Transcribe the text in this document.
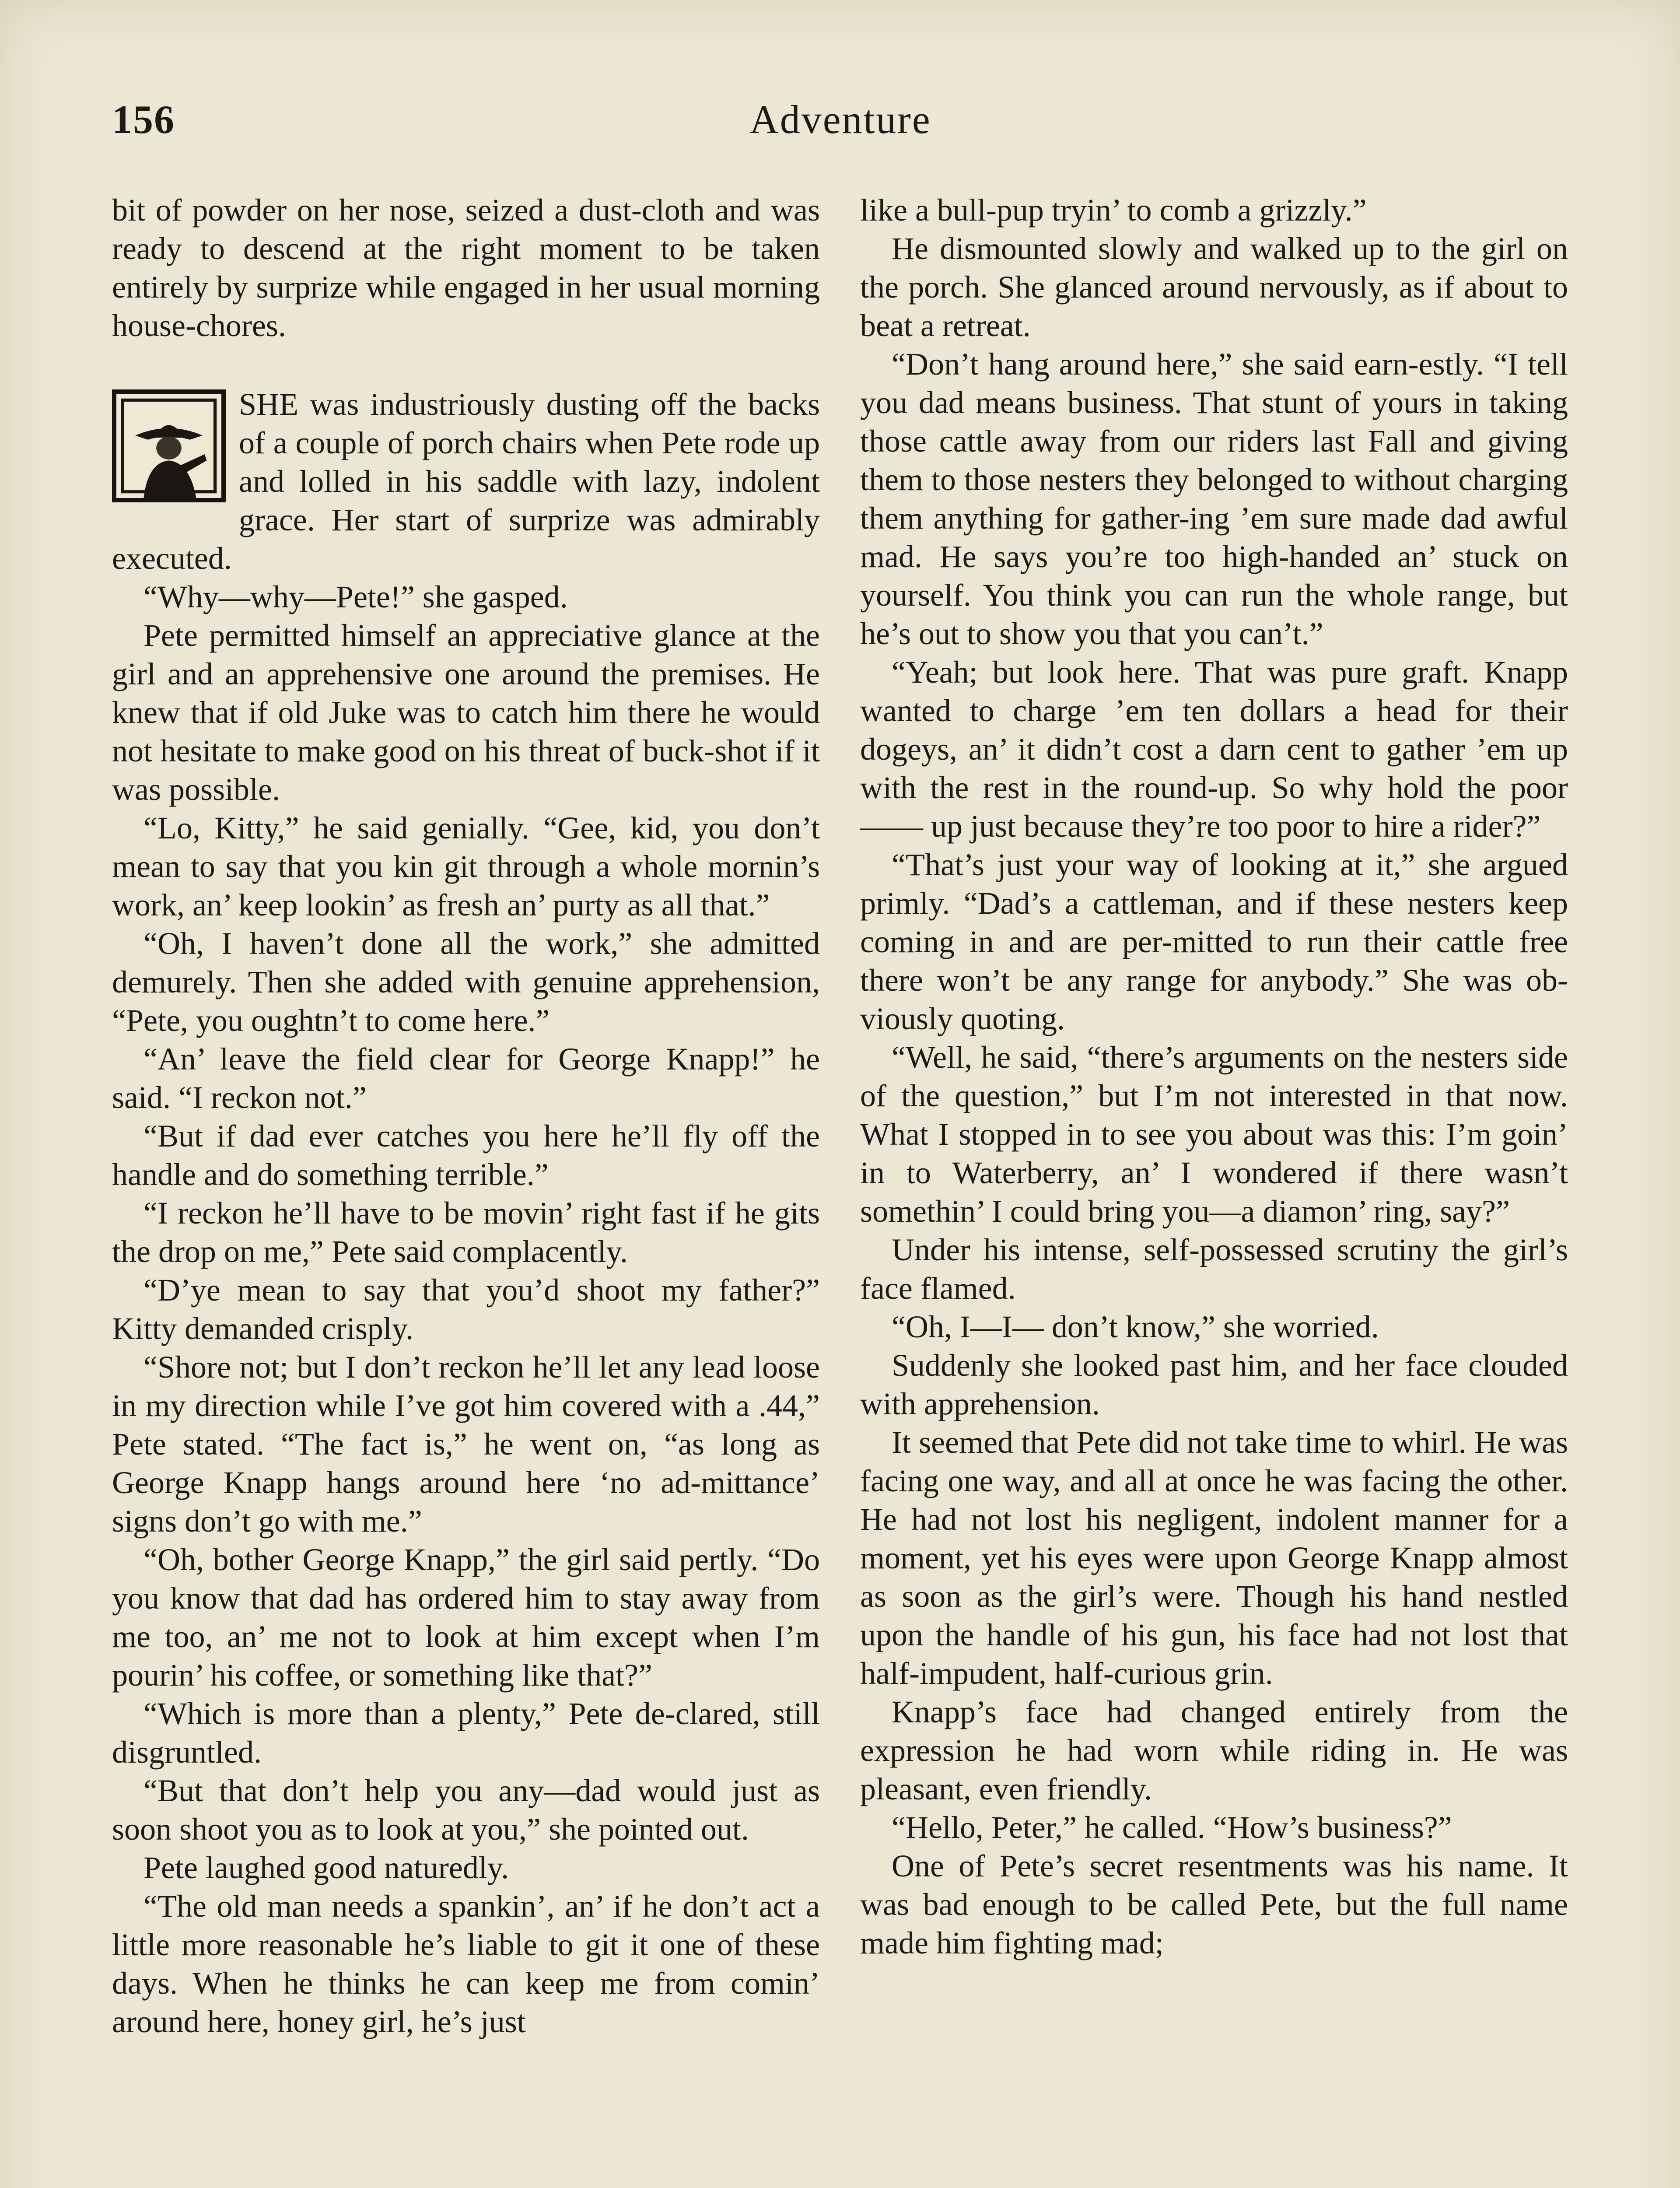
156	Adventure

bit of powder on her nose, seized a dust-cloth and was ready to descend at the right moment to be taken entirely by surprize while engaged in her usual morning house-chores.

SHE was industriously dusting off the backs of a couple of porch chairs when Pete rode up and lolled in his saddle with lazy, indolent grace. Her start of surprize was admirably executed.

“Why—why—Pete!” she gasped.

Pete permitted himself an appreciative glance at the girl and an apprehensive one around the premises. He knew that if old Juke was to catch him there he would not hesitate to make good on his threat of buck-shot if it was possible.

“Lo, Kitty,” he said genially. “Gee, kid, you don’t mean to say that you kin git through a whole mornin’s work, an’ keep lookin’ as fresh an’ purty as all that.”

“Oh, I haven’t done all the work,” she admitted demurely. Then she added with genuine apprehension, “Pete, you oughtn’t to come here.”

“An’ leave the field clear for George Knapp!” he said. “I reckon not.”

“But if dad ever catches you here he’ll fly off the handle and do something terrible.”

“I reckon he’ll have to be movin’ right fast if he gits the drop on me,” Pete said complacently.

“D’ye mean to say that you’d shoot my father?” Kitty demanded crisply.

“Shore not; but I don’t reckon he’ll let any lead loose in my direction while I’ve got him covered with a .44,” Pete stated. “The fact is,” he went on, “as long as George Knapp hangs around here ‘no ad-mittance’ signs don’t go with me.”

“Oh, bother George Knapp,” the girl said pertly. “Do you know that dad has ordered him to stay away from me too, an’ me not to look at him except when I’m pourin’ his coffee, or something like that?”

“Which is more than a plenty,” Pete de-clared, still disgruntled.

“But that don’t help you any—dad would just as soon shoot you as to look at you,” she pointed out.

Pete laughed good naturedly.

“The old man needs a spankin’, an’ if he don’t act a little more reasonable he’s liable to git it one of these days. When he thinks he can keep me from comin’ around here, honey girl, he’s just

like a bull-pup tryin’ to comb a grizzly.”

He dismounted slowly and walked up to the girl on the porch. She glanced around nervously, as if about to beat a retreat.

“Don’t hang around here,” she said earn-estly. “I tell you dad means business. That stunt of yours in taking those cattle away from our riders last Fall and giving them to those nesters they belonged to without charging them anything for gather-ing ’em sure made dad awful mad. He says you’re too high-handed an’ stuck on yourself. You think you can run the whole range, but he’s out to show you that you can’t.”

“Yeah; but look here. That was pure graft. Knapp wanted to charge ’em ten dollars a head for their dogeys, an’ it didn’t cost a darn cent to gather ’em up with the rest in the round-up. So why hold the poor —— up just because they’re too poor to hire a rider?”

“That’s just your way of looking at it,” she argued primly. “Dad’s a cattleman, and if these nesters keep coming in and are per-mitted to run their cattle free there won’t be any range for anybody.” She was ob-viously quoting.

“Well, he said, “there’s arguments on the nesters side of the question,” but I’m not interested in that now. What I stopped in to see you about was this: I’m goin’ in to Waterberry, an’ I wondered if there wasn’t somethin’ I could bring you—a diamon’ ring, say?”

Under his intense, self-possessed scrutiny the girl’s face flamed.

“Oh, I—I— don’t know,” she worried.

Suddenly she looked past him, and her face clouded with apprehension.

It seemed that Pete did not take time to whirl. He was facing one way, and all at once he was facing the other. He had not lost his negligent, indolent manner for a moment, yet his eyes were upon George Knapp almost as soon as the girl’s were. Though his hand nestled upon the handle of his gun, his face had not lost that half-impudent, half-curious grin.

Knapp’s face had changed entirely from the expression he had worn while riding in. He was pleasant, even friendly.

“Hello, Peter,” he called. “How’s business?”

One of Pete’s secret resentments was his name. It was bad enough to be called Pete, but the full name made him fighting mad;
